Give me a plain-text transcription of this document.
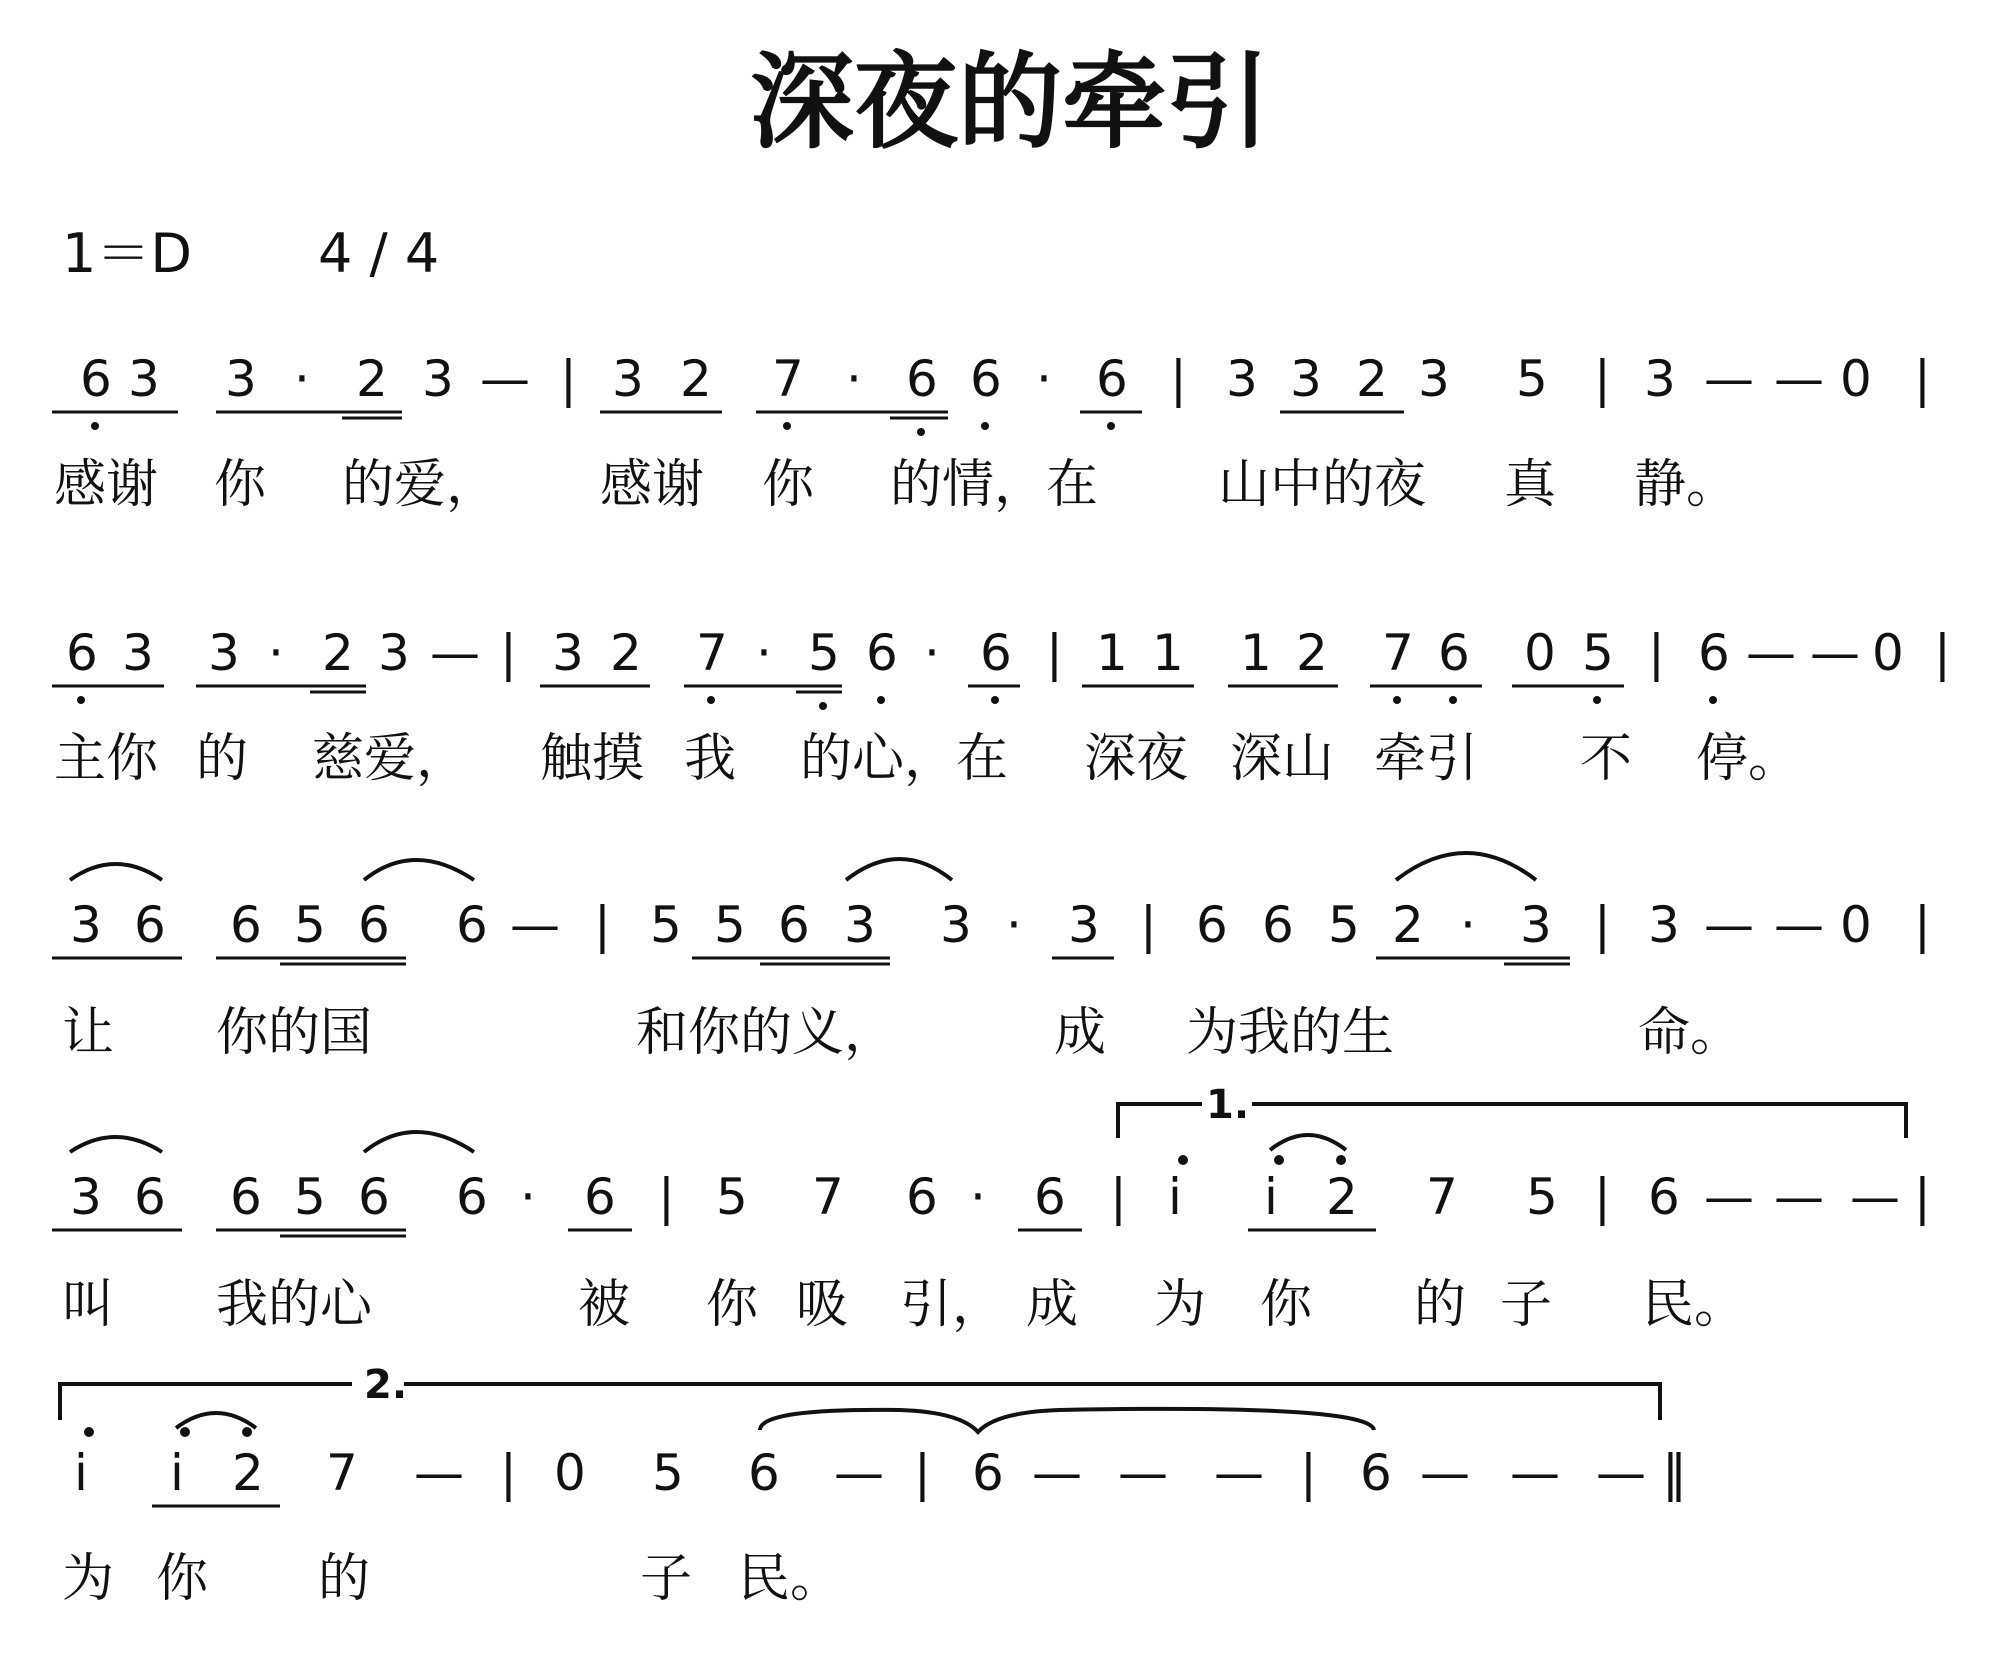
深夜的牵引
1＝D 4 / 4
6 3 3 · 2 3 — | 3 2 7 · 6 6 · 6 | 3 3 2 3 5 | 3 — — 0 |
感谢 你 的爱， 感谢 你 的情，在 山中的夜 真 静。
6 3 3 · 2 3 — | 3 2 7 · 5 6 · 6 | 1 1 1 2 7 6 0 5 | 6 — — 0 |
主你 的 慈爱， 触摸 我 的心，在 深夜 深山 牵引 不 停。
3 6 6 5 6 6 — | 5 5 6 3 3 · 3 | 6 6 5 2 · 3 | 3 — — 0 |
让 你的国	和你的义，	成 为我的生	命。
1.
3 6 6 5 6 6 · 6 | 5 7 6 · 6 | i i 2 7 5 | 6 — — — |
叫 我的心	被 你 吸 引， 成 为 你 的 子 民。
2.
i i 2 7 — | 0 5 6 — | 6 — — — | 6 — — — ‖
为 你 的	子 民。
